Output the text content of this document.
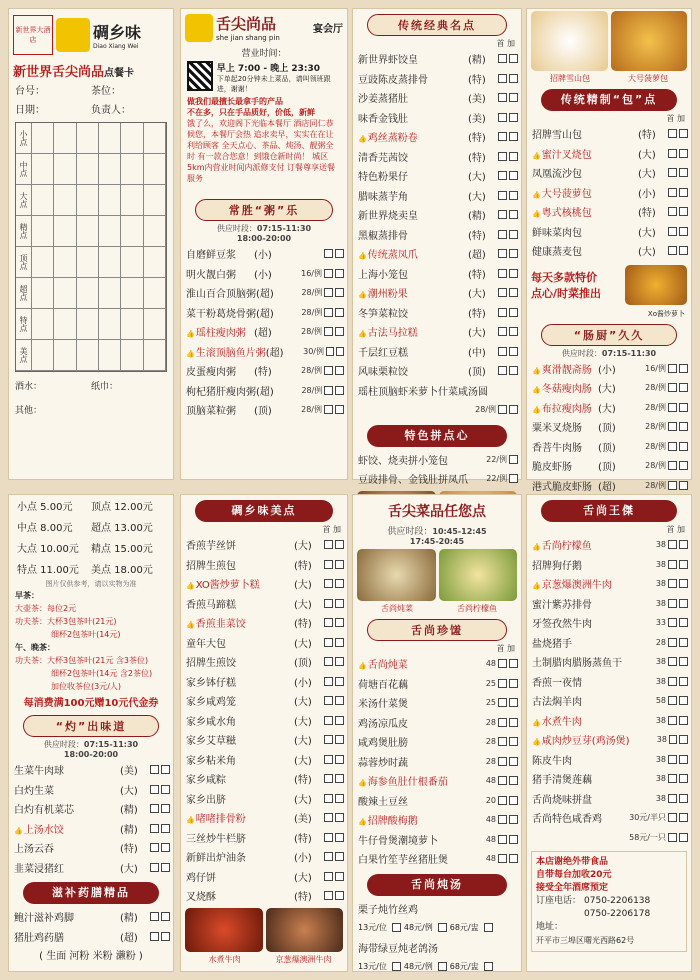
新世界大酒店	碉乡味
Diao Xiang Wei
新世界舌尖尚品点餐卡
台号：	茶位：
日期：	负责人：
小点
中点
大点
精点
顶点
超点
特点
美点
酒水：	纸巾：
其他：
舌尖尚品
she jian shang pin
宴会厅
营业时间：
早上 7:00 - 晚上 23:30
下单起20分钟未上菜品，请叫领班跟进，谢谢！
做我们最擅长最拿手的产品
不在多，只在手品质好，价低，新鲜
饿了么，欢迎阁下光临本餐厅 酒店同仁恭候您，本餐厅会热 追求卖早，实实在在让利给顾客 全天点心、茶品、炖汤、靓粥全时 有一款合您意！到饿仓新时尚！ 城区5km内营业时间内派修支付 订餐尊享送餐服务
常胜“粥”乐
供应时段：07:15-11:30
18:00-20:00
自磨鲜豆浆	(小)
明火靓白粥	(小)	16/例
淮山百合顶脑粥 (超)	28/例
菜干粉葛烧骨粥 (超)	28/例
👍 瑶柱瘦肉粥 (超)	28/例
👍 生滚顶脑鱼片粥 (超)	30/例
皮蛋瘦肉粥	(特)	28/例
枸杞猪肝瘦肉粥 (超)	28/例
顶脑菜粒粥	(顶)	28/例
传统经典名点
首 加
新世界虾饺皇	(精)
豆豉陈皮蒸排骨	(特)
沙姜蒸猪肚	(美)
味香金钱肚	(美)
👍 鸡丝蒸粉卷	(特)
清香芫茜饺	(特)
特色粉果仔	(大)
腊味蒸芋角	(大)
新世界烧卖皇	(精)
黑椒蒸排骨	(特)
👍 传统蒸凤爪	(超)
上海小笼包	(特)
👍 潮州粉果	(大)
冬笋菜粒饺	(特)
👍 古法马拉糕	(大)
千层红豆糕	(中)
风味栗粒饺	(顶)
瑶柱顶脑虾米萝卜什菜咸汤圆
28/例
特色拼点心
虾饺、烧卖拼小笼包	22/例
豆豉排骨、金钱肚拼凤爪	22/例
招牌雪山包	大号菠萝包
传统精制“包”点
首 加
招牌雪山包	(特)
👍 蜜汁叉烧包	(大)
凤凰流沙包	(大)
👍 大号菠萝包	(小)
👍 粤式核桃包	(特)
鲜味菜肉包	(大)
健康蒸麦包	(大)
每天多款特价
点心/时菜推出
Xo酱炒萝卜
“肠厨”久久
供应时段：07:15-11:30
👍 爽滑靓斋肠 (小)	16/例
👍 冬菇瘦肉肠 (大)	28/例
👍 布拉瘦肉肠 (大)	28/例
粟米叉烧肠	(顶)	28/例
香菩牛肉肠	(顶)	28/例
脆皮虾肠	(顶)	28/例
港式脆皮虾肠 (超)	28/例
小点 5.00元	顶点 12.00元
中点 8.00元	超点 13.00元
大点 10.00元	精点 15.00元
特点 11.00元	美点 18.00元
图片仅供参考，请以实物为准
早茶：
大壶茶：每位2元
功夫茶：大杯3包茶叶(21元)
细杯2包茶叶(14元)
午、晚茶：
功夫茶：大杯3包茶叶(21元 含3茶位)
细杯2包茶叶(14元 含2茶位)
加位收茶位(3元/人)
每消费满100元赠10元代金券
“灼”出味道
供应时段：07:15-11:30
18:00-20:00
生菜牛肉球	(美)
白灼生菜	(大)
白灼有机菜芯	(精)
👍 上汤水饺	(精)
上汤云吞	(特)
韭菜浸猪红	(大)
滋补药膳精品
鲍汁滋补鸡脚	(精)
猪肚鸡药膳	(超)
( 生面 河粉 米粉 濑粉 )
碉乡味美点
首 加
香煎芋丝饼	(大)
招牌生煎包	(特)
👍 XO酱炒萝卜糕	(大)
香煎马蹄糕	(大)
👍 香煎韭菜饺	(特)
童年大包	(大)
招牌生煎饺	(顶)
家乡钵仔糕	(小)
家乡咸鸡笼	(大)
家乡咸水角	(大)
家乡艾草糍	(大)
家乡粘米角	(大)
家乡咸粽	(特)
家乡出脐	(大)
👍 啫啫排骨粉	(美)
三丝炒牛栏脐	(特)
新鲜出炉油条	(小)
鸡仔饼	(大)
叉烧酥	(特)
水煮牛肉	京葱爆澳洲牛肉
舌尖菜品任您点
供应时段：10:45-12:45
17:45-20:45
舌尚炖菜	舌尚柠檬鱼
舌尚珍馐
首 加
👍 舌尚炖菜	48
荷塘百花藕	25
米汤什菜煲	25
鸡汤凉瓜皮	28
咸鸡煲肚膀	28
蒜蓉炒时蔬	28
👍 海参鱼肚什根番茄	48
酸辣土豆丝	20
👍 招牌酸梅鹅	48
牛仔骨煲潮境萝卜	48
白果竹笙芋丝猪肚煲	48
舌尚炖汤
栗子炖竹丝鸡
13元/位 48元/例 68元/盅
海带绿豆炖老鸽汤
13元/位 48元/例 68元/盅
舌尚王傑
首 加
👍 舌尚柠檬鱼	38
招牌狗仔鹅	38
👍 京葱爆澳洲牛肉	38
蜜汁紫苏排骨	38
牙签孜然牛肉	33
盐烧猪手	28
土制腊肉腊肠蒸鱼干	38
香煎一夜情	38
古法焖羊肉	58
👍 水煮牛肉	38
👍 咸肉炒豆芽(鸡汤煲)	38
陈皮牛肉	38
猪手清煲莲藕	38
舌尚烧味拼盘	38
舌尚特色咸香鸡	30元/半只
58元/一只
本店谢绝外带食品
自带每台加收20元
接受全年酒席预定
订座电话： 0750-2206138
0750-2206178
地址：
开平市三埠区曙光西路62号
